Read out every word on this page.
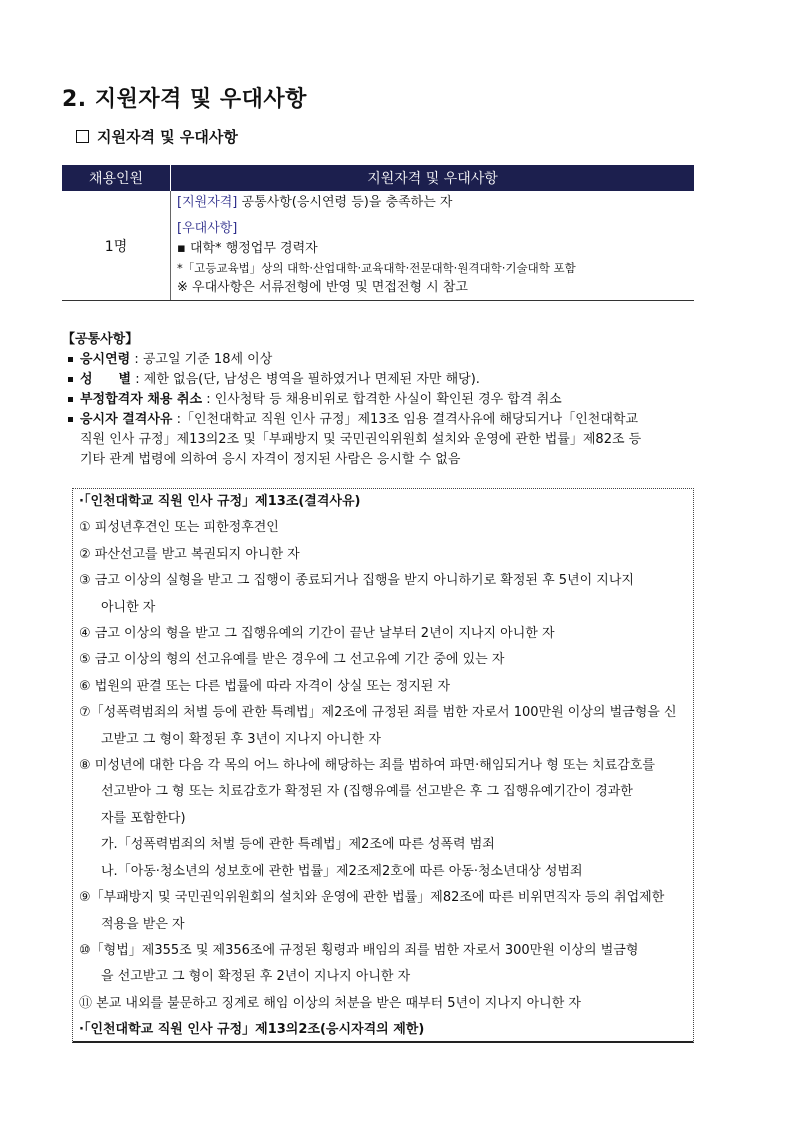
2. 지원자격 및 우대사항
지원자격 및 우대사항
채용인원	지원자격 및 우대사항
1명	[지원자격] 공통사항(응시연령 등)을 충족하는 자
[우대사항]
▪ 대학* 행정업무 경력자
*「고등교육법」상의 대학·산업대학·교육대학·전문대학·원격대학·기술대학 포함
※ 우대사항은 서류전형에 반영 및 면접전형 시 참고
【공통사항】
응시연령 : 공고일 기준 18세 이상
성　　별 : 제한 없음(단, 남성은 병역을 필하였거나 면제된 자만 해당).
부정합격자 채용 취소 : 인사청탁 등 채용비위로 합격한 사실이 확인된 경우 합격 취소
응시자 결격사유 :「인천대학교 직원 인사 규정」제13조 임용 결격사유에 해당되거나「인천대학교
직원 인사 규정」제13의2조 및「부패방지 및 국민권익위원회 설치와 운영에 관한 법률」제82조 등
기타 관계 법령에 의하여 응시 자격이 정지된 사람은 응시할 수 없음
·「인천대학교 직원 인사 규정」제13조(결격사유)
① 피성년후견인 또는 피한정후견인
② 파산선고를 받고 복권되지 아니한 자
③ 금고 이상의 실형을 받고 그 집행이 종료되거나 집행을 받지 아니하기로 확정된 후 5년이 지나지
아니한 자
④ 금고 이상의 형을 받고 그 집행유예의 기간이 끝난 날부터 2년이 지나지 아니한 자
⑤ 금고 이상의 형의 선고유예를 받은 경우에 그 선고유예 기간 중에 있는 자
⑥ 법원의 판결 또는 다른 법률에 따라 자격이 상실 또는 정지된 자
⑦「성폭력범죄의 처벌 등에 관한 특례법」제2조에 규정된 죄를 범한 자로서 100만원 이상의 벌금형을 신
고받고 그 형이 확정된 후 3년이 지나지 아니한 자
⑧ 미성년에 대한 다음 각 목의 어느 하나에 해당하는 죄를 범하여 파면·해임되거나 형 또는 치료감호를
선고받아 그 형 또는 치료감호가 확정된 자 (집행유예를 선고받은 후 그 집행유예기간이 경과한
자를 포함한다)
가.「성폭력범죄의 처벌 등에 관한 특례법」제2조에 따른 성폭력 범죄
나.「아동·청소년의 성보호에 관한 법률」제2조제2호에 따른 아동·청소년대상 성범죄
⑨「부패방지 및 국민권익위원회의 설치와 운영에 관한 법률」제82조에 따른 비위면직자 등의 취업제한
적용을 받은 자
⑩「형법」제355조 및 제356조에 규정된 횡령과 배임의 죄를 범한 자로서 300만원 이상의 벌금형
을 선고받고 그 형이 확정된 후 2년이 지나지 아니한 자
⑪ 본교 내외를 불문하고 징계로 해임 이상의 처분을 받은 때부터 5년이 지나지 아니한 자
·「인천대학교 직원 인사 규정」제13의2조(응시자격의 제한)
